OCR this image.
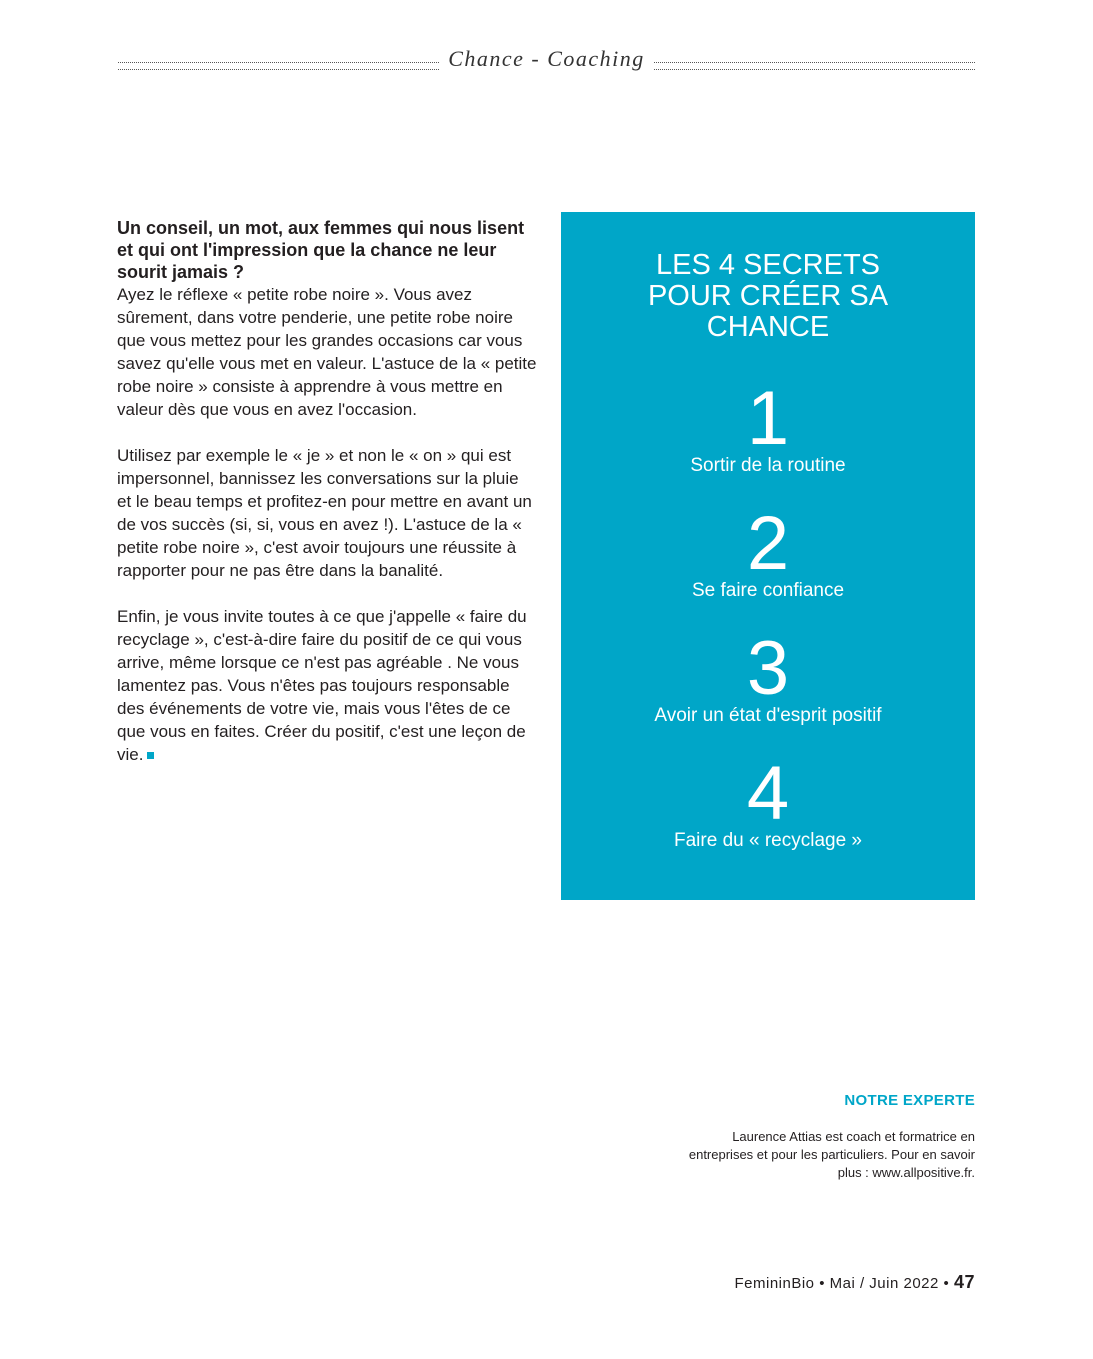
Chance - Coaching

Un conseil, un mot, aux femmes qui nous lisent et qui ont l'impression que la chance ne leur sourit jamais ?

Ayez le réflexe « petite robe noire ». Vous avez sûrement, dans votre penderie, une petite robe noire que vous mettez pour les grandes occasions car vous savez qu'elle vous met en valeur. L'astuce de la « petite robe noire » consiste à apprendre à vous mettre en valeur dès que vous en avez l'occasion.

Utilisez par exemple le « je » et non le « on » qui est impersonnel, bannissez les conversations sur la pluie et le beau temps et profitez-en pour mettre en avant un de vos succès (si, si, vous en avez !). L'astuce de la « petite robe noire », c'est avoir toujours une réussite à rapporter pour ne pas être dans la banalité.

Enfin, je vous invite toutes à ce que j'appelle « faire du recyclage », c'est-à-dire faire du positif de ce qui vous arrive, même lorsque ce n'est pas agréable . Ne vous lamentez pas. Vous n'êtes pas toujours responsable des événements de votre vie, mais vous l'êtes de ce que vous en faites. Créer du positif, c'est une leçon de vie.

LES 4 SECRETS
POUR CRÉER SA
CHANCE
1
Sortir de la routine
2
Se faire confiance
3
Avoir un état d'esprit positif
4
Faire du « recyclage »
NOTRE EXPERTE
Laurence Attias est coach et formatrice en entreprises et pour les particuliers. Pour en savoir plus : www.allpositive.fr.
FemininBio • Mai / Juin 2022 • 47
